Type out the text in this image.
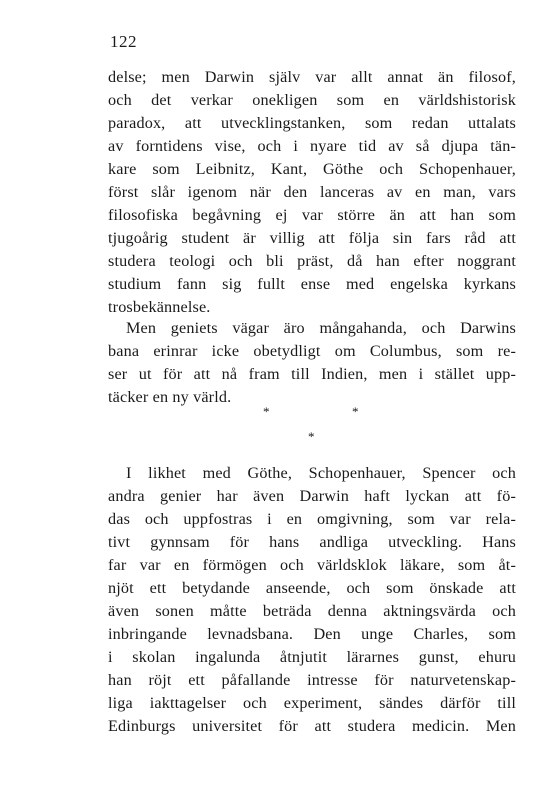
122
delse; men Darwin själv var allt annat än filosof,
och det verkar onekligen som en världshistorisk
paradox, att utvecklingstanken, som redan uttalats
av forntidens vise, och i nyare tid av så djupa tän-
kare som Leibnitz, Kant, Göthe och Schopenhauer,
först slår igenom när den lanceras av en man, vars
filosofiska begåvning ej var större än att han som
tjugoårig student är villig att följa sin fars råd att
studera teologi och bli präst, då han efter noggrant
studium fann sig fullt ense med engelska kyrkans
trosbekännelse.
Men geniets vägar äro mångahanda, och Darwins
bana erinrar icke obetydligt om Columbus, som re-
ser ut för att nå fram till Indien, men i stället upp-
täcker en ny värld.
*	*
*
I likhet med Göthe, Schopenhauer, Spencer och
andra genier har även Darwin haft lyckan att fö-
das och uppfostras i en omgivning, som var rela-
tivt gynnsam för hans andliga utveckling. Hans
far var en förmögen och världsklok läkare, som åt-
njöt ett betydande anseende, och som önskade att
även sonen måtte beträda denna aktningsvärda och
inbringande levnadsbana. Den unge Charles, som
i skolan ingalunda åtnjutit lärarnes gunst, ehuru
han röjt ett påfallande intresse för naturvetenskap-
liga iakttagelser och experiment, sändes därför till
Edinburgs universitet för att studera medicin. Men
